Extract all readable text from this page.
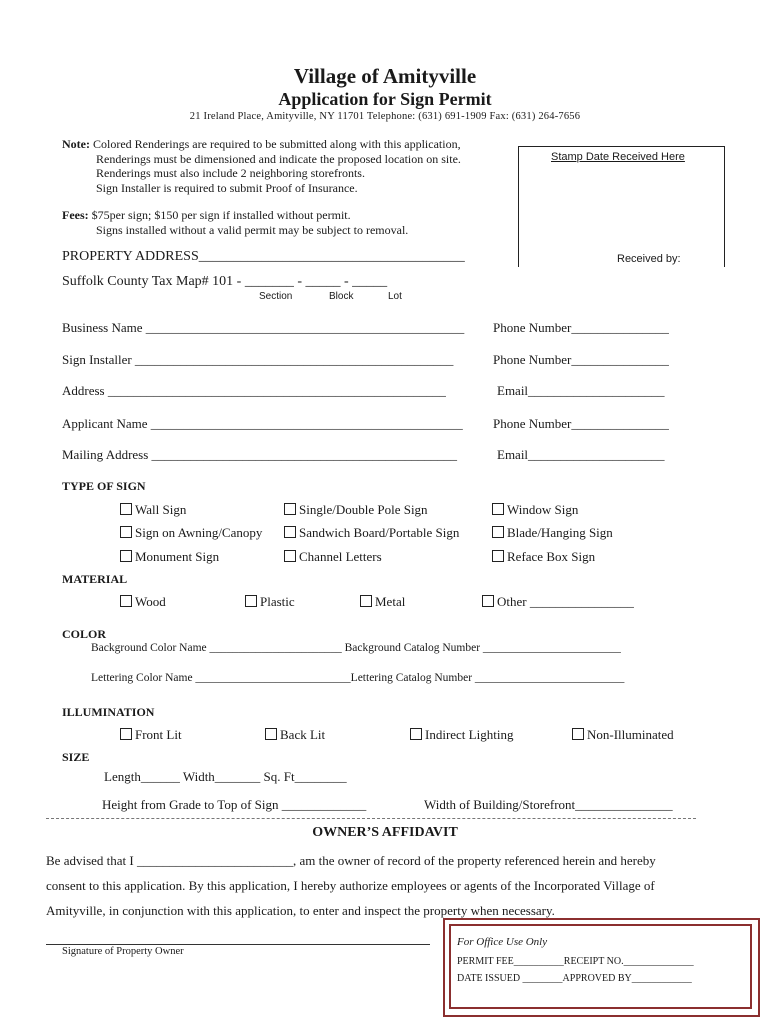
Village of Amityville
Application for Sign Permit
21 Ireland Place, Amityville, NY 11701 Telephone: (631) 691-1909 Fax: (631) 264-7656
Note: Colored Renderings are required to be submitted along with this application,
Renderings must be dimensioned and indicate the proposed location on site.
Renderings must also include 2 neighboring storefronts.
Sign Installer is required to submit Proof of Insurance.
Fees: $75per sign; $150 per sign if installed without permit.
Signs installed without a valid permit may be subject to removal.
Stamp Date Received Here
Received by:
PROPERTY ADDRESS______________________________________
Suffolk County Tax Map# 101 - _______ - _____ - _____
Section	Block	Lot
Business Name _________________________________________________ Phone Number_______________
Sign Installer _________________________________________________	Phone Number_______________
Address ____________________________________________________	Email_____________________
Applicant Name ________________________________________________ Phone Number_______________
Mailing Address _______________________________________________	Email_____________________
TYPE OF SIGN
Wall Sign	Single/Double Pole Sign	Window Sign
Sign on Awning/Canopy	Sandwich Board/Portable Sign	Blade/Hanging Sign
Monument Sign	Channel Letters	Reface Box Sign
MATERIAL
Wood	Plastic	Metal	Other ________________
COLOR
Background Color Name _______________________ Background Catalog Number ________________________
Lettering Color Name ___________________________Lettering Catalog Number __________________________
ILLUMINATION
Front Lit	Back Lit	Indirect Lighting	Non-Illuminated
SIZE
Length______ Width_______ Sq. Ft________
Height from Grade to Top of Sign _____________	Width of Building/Storefront_______________
OWNER’S AFFIDAVIT
Be advised that I ________________________, am the owner of record of the property referenced herein and hereby
consent to this application. By this application, I hereby authorize employees or agents of the Incorporated Village of
Amityville, in conjunction with this application, to enter and inspect the property when necessary.
Signature of Property Owner
For Office Use Only
PERMIT FEE__________RECEIPT NO.______________
DATE ISSUED ________APPROVED BY____________
